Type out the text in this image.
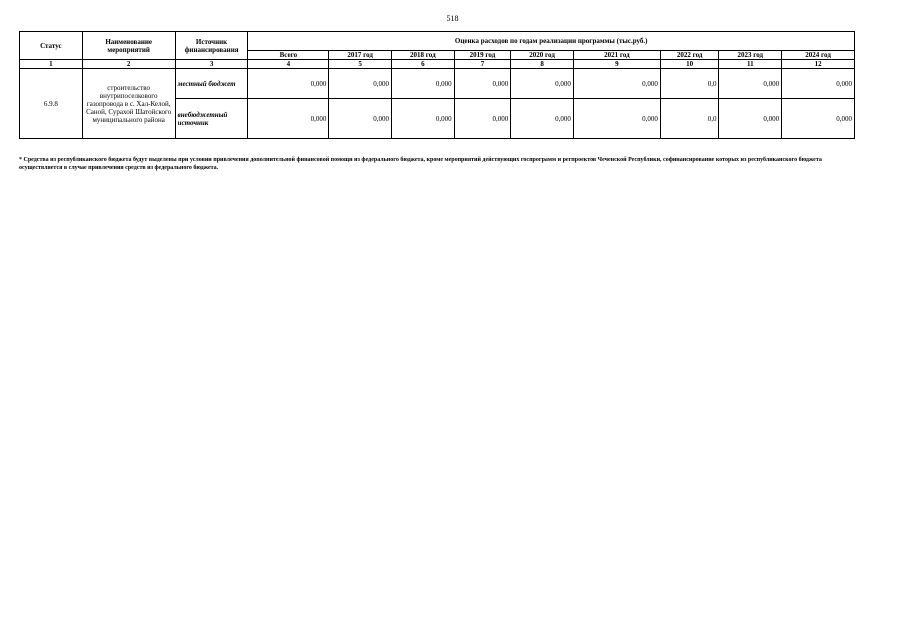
518
Статус	Наименование мероприятий	Источник финансирования	Оценка расходов по годам реализации программы (тыс.руб.)								
			Всего	2017 год	2018 год	2019 год	2020 год	2021 год	2022 год	2023 год	2024 год
1	2	3	4	5	6	7	8	9	10	11	12
6.9.8	строительство внутрипоселкового газопровода в с. Хал-Келой, Саной, Сурахой Шатойского муниципального района	местный бюджет	0,000	0,000	0,000	0,000	0,000	0,000	0,0	0,000	0,000
		внебюджетный источник	0,000	0,000	0,000	0,000	0,000	0,000	0,0	0,000	0,000
* Средства из республиканского бюджета будут выделены при условии привлечения дополнительной финансовой помощи из федерального бюджета, кроме мероприятий действующих госпрограмм и регпроектов Чеченской Республики, софинансирование которых из республиканского бюджета осуществляется в случае привлечения средств из федерального бюджета.
